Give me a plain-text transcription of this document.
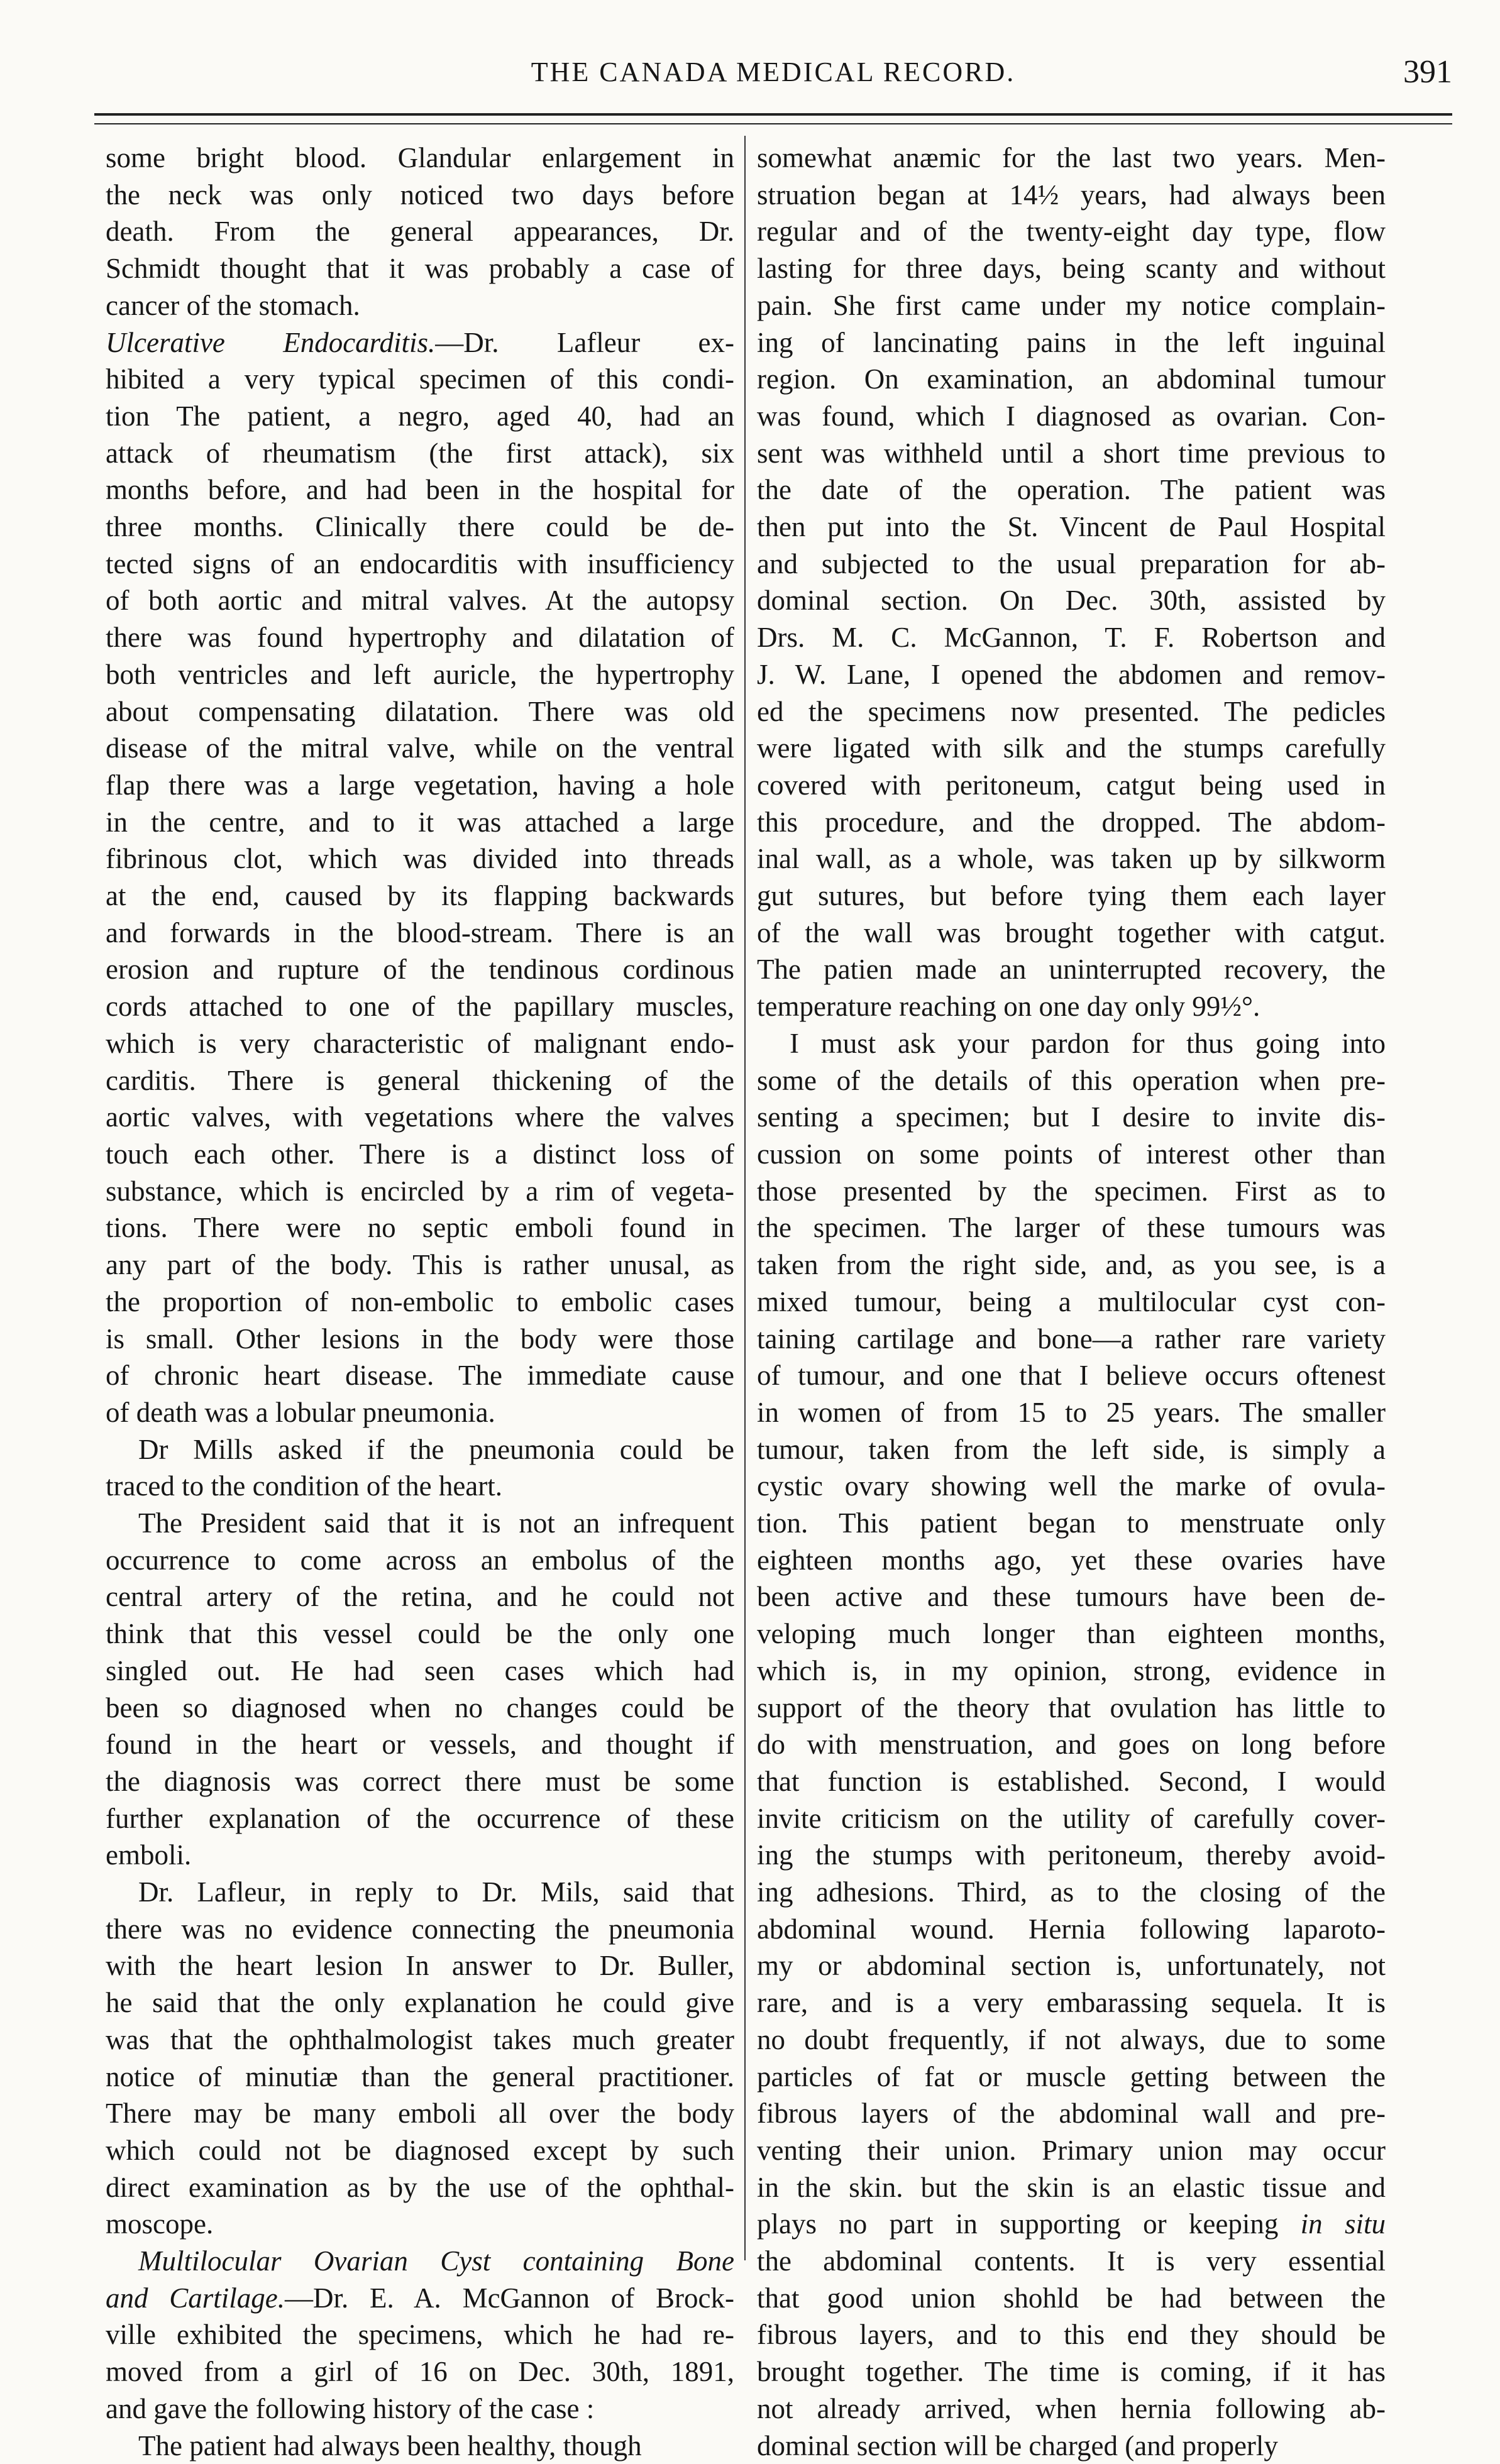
THE CANADA MEDICAL RECORD.	391

some bright blood. Glandular enlargement in
the neck was only noticed two days before
death. From the general appearances, Dr.
Schmidt thought that it was probably a case of
cancer of the stomach.

Ulcerative Endocarditis.—Dr. Lafleur ex-
hibited a very typical specimen of this condi-
tion The patient, a negro, aged 40, had an
attack of rheumatism (the first attack), six
months before, and had been in the hospital for
three months. Clinically there could be de-
tected signs of an endocarditis with insufficiency
of both aortic and mitral valves. At the autopsy
there was found hypertrophy and dilatation of
both ventricles and left auricle, the hypertrophy
about compensating dilatation. There was old
disease of the mitral valve, while on the ventral
flap there was a large vegetation, having a hole
in the centre, and to it was attached a large
fibrinous clot, which was divided into threads
at the end, caused by its flapping backwards
and forwards in the blood-stream. There is an
erosion and rupture of the tendinous cordinous
cords attached to one of the papillary muscles,
which is very characteristic of malignant endo-
carditis. There is general thickening of the
aortic valves, with vegetations where the valves
touch each other. There is a distinct loss of
substance, which is encircled by a rim of vegeta-
tions. There were no septic emboli found in
any part of the body. This is rather unusal, as
the proportion of non-embolic to embolic cases
is small. Other lesions in the body were those
of chronic heart disease. The immediate cause
of death was a lobular pneumonia.

Dr Mills asked if the pneumonia could be
traced to the condition of the heart.

The President said that it is not an infrequent
occurrence to come across an embolus of the
central artery of the retina, and he could not
think that this vessel could be the only one
singled out. He had seen cases which had
been so diagnosed when no changes could be
found in the heart or vessels, and thought if
the diagnosis was correct there must be some
further explanation of the occurrence of these
emboli.

Dr. Lafleur, in reply to Dr. Mils, said that
there was no evidence connecting the pneumonia
with the heart lesion In answer to Dr. Buller,
he said that the only explanation he could give
was that the ophthalmologist takes much greater
notice of minutiæ than the general practitioner.
There may be many emboli all over the body
which could not be diagnosed except by such
direct examination as by the use of the ophthal-
moscope.

Multilocular Ovarian Cyst containing Bone
and Cartilage.—Dr. E. A. McGannon of Brock-
ville exhibited the specimens, which he had re-
moved from a girl of 16 on Dec. 30th, 1891,
and gave the following history of the case :

The patient had always been healthy, though

somewhat anæmic for the last two years. Men-
struation began at 14½ years, had always been
regular and of the twenty-eight day type, flow
lasting for three days, being scanty and without
pain. She first came under my notice complain-
ing of lancinating pains in the left inguinal
region. On examination, an abdominal tumour
was found, which I diagnosed as ovarian. Con-
sent was withheld until a short time previous to
the date of the operation. The patient was
then put into the St. Vincent de Paul Hospital
and subjected to the usual preparation for ab-
dominal section. On Dec. 30th, assisted by
Drs. M. C. McGannon, T. F. Robertson and
J. W. Lane, I opened the abdomen and remov-
ed the specimens now presented. The pedicles
were ligated with silk and the stumps carefully
covered with peritoneum, catgut being used in
this procedure, and the dropped. The abdom-
inal wall, as a whole, was taken up by silkworm
gut sutures, but before tying them each layer
of the wall was brought together with catgut.
The patien made an uninterrupted recovery, the
temperature reaching on one day only 99½°.

I must ask your pardon for thus going into
some of the details of this operation when pre-
senting a specimen; but I desire to invite dis-
cussion on some points of interest other than
those presented by the specimen. First as to
the specimen. The larger of these tumours was
taken from the right side, and, as you see, is a
mixed tumour, being a multilocular cyst con-
taining cartilage and bone—a rather rare variety
of tumour, and one that I believe occurs oftenest
in women of from 15 to 25 years. The smaller
tumour, taken from the left side, is simply a
cystic ovary showing well the marke of ovula-
tion. This patient began to menstruate only
eighteen months ago, yet these ovaries have
been active and these tumours have been de-
veloping much longer than eighteen months,
which is, in my opinion, strong, evidence in
support of the theory that ovulation has little to
do with menstruation, and goes on long before
that function is established. Second, I would
invite criticism on the utility of carefully cover-
ing the stumps with peritoneum, thereby avoid-
ing adhesions. Third, as to the closing of the
abdominal wound. Hernia following laparoto-
my or abdominal section is, unfortunately, not
rare, and is a very embarassing sequela. It is
no doubt frequently, if not always, due to some
particles of fat or muscle getting between the
fibrous layers of the abdominal wall and pre-
venting their union. Primary union may occur
in the skin. but the skin is an elastic tissue and
plays no part in supporting or keeping in situ
the abdominal contents. It is very essential
that good union shohld be had between the
fibrous layers, and to this end they should be
brought together. The time is coming, if it has
not already arrived, when hernia following ab-
dominal section will be charged (and properly
